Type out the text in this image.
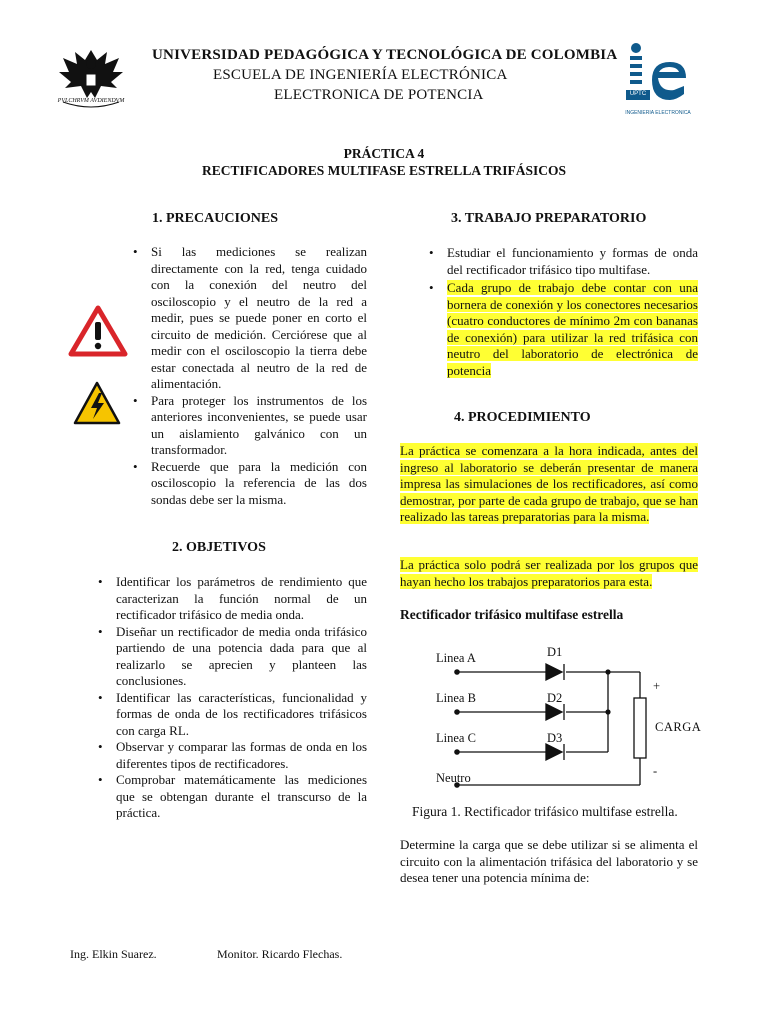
PVLCHRVM AVDIENDVM
UPTC
INGENIERIA ELECTRONICA
UNIVERSIDAD PEDAGÓGICA Y TECNOLÓGICA DE COLOMBIA
ESCUELA DE INGENIERÍA ELECTRÓNICA
ELECTRONICA DE POTENCIA
PRÁCTICA 4
RECTIFICADORES MULTIFASE ESTRELLA TRIFÁSICOS
1. PRECAUCIONES
• Si las mediciones se realizan directamente con la red, tenga cuidado con la conexión del neutro del osciloscopio y el neutro de la red a medir, pues se puede poner en corto el circuito de medición. Cerciórese que al medir con el osciloscopio la tierra debe estar conectada al neutro de la red de alimentación.
• Para proteger los instrumentos de los anteriores inconvenientes, se puede usar un aislamiento galvánico con un transformador.
• Recuerde que para la medición con osciloscopio la referencia de las dos sondas debe ser la misma.
2. OBJETIVOS
• Identificar los parámetros de rendimiento que caracterizan la función normal de un rectificador trifásico de media onda.
• Diseñar un rectificador de media onda trifásico partiendo de una potencia dada para que al realizarlo se aprecien y planteen las conclusiones.
• Identificar las características, funcionalidad y formas de onda de los rectificadores trifásicos con carga RL.
• Observar y comparar las formas de onda en los diferentes tipos de rectificadores.
• Comprobar matemáticamente las mediciones que se obtengan durante el transcurso de la práctica.
3. TRABAJO PREPARATORIO
• Estudiar el funcionamiento y formas de onda del rectificador trifásico tipo multifase.
• Cada grupo de trabajo debe contar con una bornera de conexión y los conectores necesarios (cuatro conductores de mínimo 2m con bananas de conexión) para utilizar la red trifásica con neutro del laboratorio de electrónica de potencia
4. PROCEDIMIENTO
La práctica se comenzara a la hora indicada, antes del ingreso al laboratorio se deberán presentar de manera impresa las simulaciones de los rectificadores, así como demostrar, por parte de cada grupo de trabajo, que se han realizado las tareas preparatorias para la misma.
La práctica solo podrá ser realizada por los grupos que hayan hecho los trabajos preparatorios para esta.
Rectificador trifásico multifase estrella
Linea A
Linea B
Linea C
Neutro
D1
D2
D3
+
-
CARGA
Figura 1. Rectificador trifásico multifase estrella.
Determine la carga que se debe utilizar si se alimenta el circuito con la alimentación trifásica del laboratorio y se desea tener una potencia mínima de:
Ing. Elkin Suarez.	Monitor. Ricardo Flechas.
